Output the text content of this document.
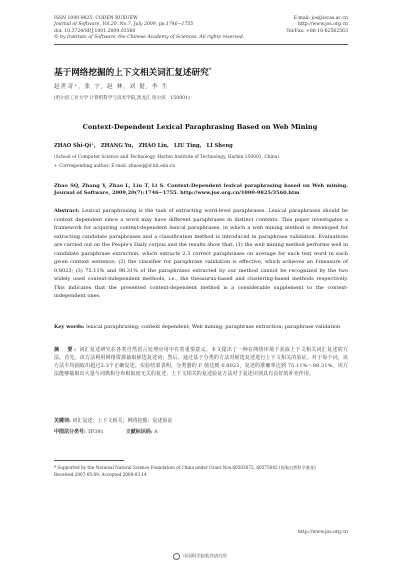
ISSN 1000-9825, CODEN RUXUEW
Journal of Software, Vol.20, No.7, July 2009, pp.1746−1755
doi: 10.3724/SP.J.1001.2009.03560
© by Institute of Software, the Chinese Academy of Sciences. All rights reserved.
E-mail: jos@iscas.ac.cn
http://www.jos.org.cn
Tel/Fax: +86-10-62562563
基于网络挖掘的上下文相关词汇复述研究*
赵世奇⁺, 张 宇, 赵 林, 刘 挺, 李 生
(哈尔滨工业大学 计算机科学与技术学院,黑龙江 哈尔滨　150001)
Context-Dependent Lexical Paraphrasing Based on Web Mining
ZHAO Shi-Qi⁺,　ZHANG Yu,　ZHAO Lin,　LIU Ting,　LI Sheng
(School of Computer Science and Technology, Harbin Institute of Technology, Harbin 150001, China)
+ Corresponding author: E-mail: zhaosq@ir.hit.edu.cn
Zhao SQ, Zhang Y, Zhao L, Liu T, Li S. Context-Dependent lexical paraphrasing based on Web mining. Journal of Software, 2009,20(7):1746−1755. http://www.jos.org.cn/1000-9825/3560.htm
Abstract: Lexical paraphrasing is the task of extracting word-level paraphrases. Lexical paraphrases should be context dependent since a word may have different paraphrases in distinct contexts. This paper investigates a framework for acquiring context-dependent lexical paraphrases, in which a web mining method is developed for extracting candidate paraphrases and a classification method is introduced in paraphrase validation. Evaluations are carried out on the People's Daily corpus and the results show that: (1) the web mining method performs well in candidate paraphrase extraction, which extracts 2.3 correct paraphrases on average for each test word in each given context sentence; (2) the classifier for paraphrase validation is effective, which achieves an f-measure of 0.8023; (3) 75.11% and 98.31% of the paraphrases extracted by our method cannot be recognized by the two widely used context-independent methods, i.e., the thesaurus-based and clustering-based methods respectively. This indicates that the presented context-dependent method is a considerable supplement to the context-independent ones.
Key words: lexical paraphrasing; context dependent; Web mining; paraphrase extraction; paraphrase validation
摘　要: 词汇复述研究在各类自然语言处理应用中有着重要意义。本文提出了一种在网络环境下获取上下文相关词汇复述的方法。首先，该方法利用网络资源抽取候选复述词；然后，通过基于分类的方法对候选复述进行上下文相关的验证。对于每个词，该方法平均抽取出超过2.3个正确复述。实验结果表明，分类器的 F 值达到 0.8023，复述的准确率达到 75.11%～98.31%。该方法能够抽取出大量与词典和分布相似度无关的复述，上下文相关的复述验证方法对于复述识别具有良好的补充作用。
关键词: 词汇复述；上下文相关；网络挖掘；复述验证
中图法分类号: TP391	文献标识码: A
* Supported by the National Natural Science Foundation of China under Grant Nos.60503072, 60575042 (国家自然科学基金)
Received 2007-05-09; Accepted 2008-03-14
http://www.jos.org.cn
中国科学院软件研究所
